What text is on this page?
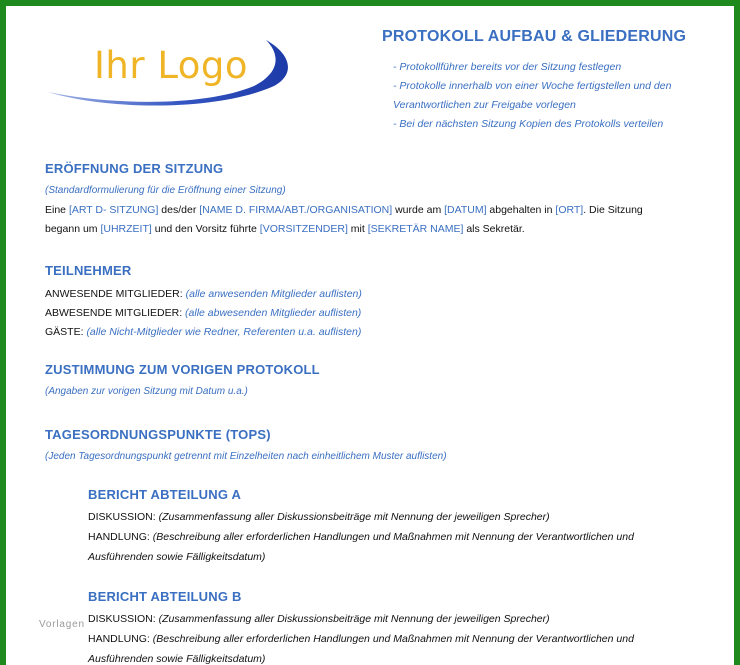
Ihr Logo
PROTOKOLL AUFBAU & GLIEDERUNG
- Protokollführer bereits vor der Sitzung festlegen
- Protokolle innerhalb von einer Woche fertigstellen und den
Verantwortlichen zur Freigabe vorlegen
- Bei der nächsten Sitzung Kopien des Protokolls verteilen
ERÖFFNUNG DER SITZUNG
(Standardformulierung für die Eröffnung einer Sitzung)
Eine [ART D- SITZUNG] des/der [NAME D. FIRMA/ABT./ORGANISATION] wurde am [DATUM] abgehalten in [ORT]. Die Sitzung
begann um [UHRZEIT] und den Vorsitz führte [VORSITZENDER] mit [SEKRETÄR NAME] als Sekretär.
TEILNEHMER
ANWESENDE MITGLIEDER: (alle anwesenden Mitglieder auflisten)
ABWESENDE MITGLIEDER: (alle abwesenden Mitglieder auflisten)
GÄSTE: (alle Nicht-Mitglieder wie Redner, Referenten u.a. auflisten)
ZUSTIMMUNG ZUM VORIGEN PROTOKOLL
(Angaben zur vorigen Sitzung mit Datum u.a.)
TAGESORDNUNGSPUNKTE (TOPS)
(Jeden Tagesordnungspunkt getrennt mit Einzelheiten nach einheitlichem Muster auflisten)
BERICHT ABTEILUNG A
DISKUSSION: (Zusammenfassung aller Diskussionsbeiträge mit Nennung der jeweiligen Sprecher)
HANDLUNG: (Beschreibung aller erforderlichen Handlungen und Maßnahmen mit Nennung der Verantwortlichen und
Ausführenden sowie Fälligkeitsdatum)
BERICHT ABTEILUNG B
DISKUSSION: (Zusammenfassung aller Diskussionsbeiträge mit Nennung der jeweiligen Sprecher)
HANDLUNG: (Beschreibung aller erforderlichen Handlungen und Maßnahmen mit Nennung der Verantwortlichen und
Ausführenden sowie Fälligkeitsdatum)
Vorlagen
